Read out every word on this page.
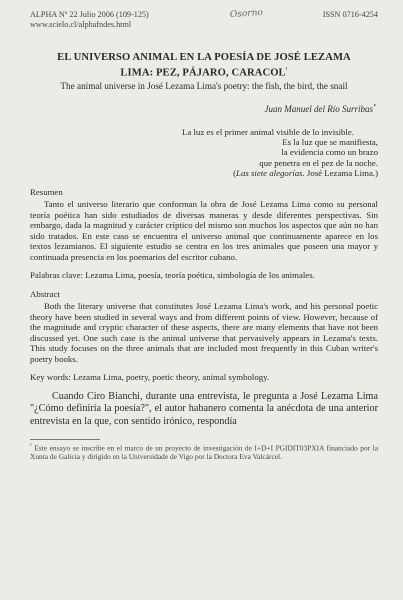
ALPHA Nº 22 Julio 2006 (109-125)
www.scielo.cl/alphafndes.html
Osorno	ISSN 0716-4254
EL UNIVERSO ANIMAL EN LA POESÍA DE JOSÉ LEZAMA
LIMA: PEZ, PÁJARO, $CARACOL^{^1}$
The animal universe in José Lezama Lima's poetry: the fish, the bird, the snail
Juan Manuel del Río Surribas*
La luz es el primer animal visible de lo invisible.
Es la luz que se manifiesta,
la evidencia como un brazo
que penetra en el pez de la noche.
(Las siete alegorías. José Lezama Lima.)
Resumen

Tanto el universo literario que conforman la obra de José Lezama Lima como su personal teoría poética han sido estudiados de diversas maneras y desde diferentes perspectivas. Sin embargo, dada la magnitud y carácter críptico del mismo son muchos los aspectos que aún no han sido tratados. En este caso se encuentra el universo animal que continuamente aparece en los textos lezamianos. El siguiente estudio se centra en los tres animales que poseen una mayor y continuada presencia en los poemarios del escritor cubano.

Palabras clave: Lezama Lima, poesía, teoría poética, simbología de los animales.
Abstract

Both the literary universe that constitutes José Lezama Lima's work, and his personal poetic theory have been studied in several ways and from different points of view. However, because of the magnitude and cryptic character of these aspects, there are many elements that have not been discussed yet. One such case is the animal universe that pervasively appears in Lezama's texts. This study focuses on the three animals that are included most frequently in this Cuban writer's poetry books.

Key words: Lezama Lima, poetry, poetic theory, animal symbology.

Cuando Ciro Bianchi, durante una entrevista, le pregunta a José Lezama Lima "¿Cómo definiría la poesía?", el autor habanero comenta la anécdota de una anterior entrevista en la que, con sentido irónico, respondía

$^{^1}$ Este ensayo se inscribe en el marco de un proyecto de investigación de I+D+I PGIDIT03PXIA financiado por la Xunta de Galicia y dirigido en la Universidade de Vigo por la Doctora Eva Valcárcel.
